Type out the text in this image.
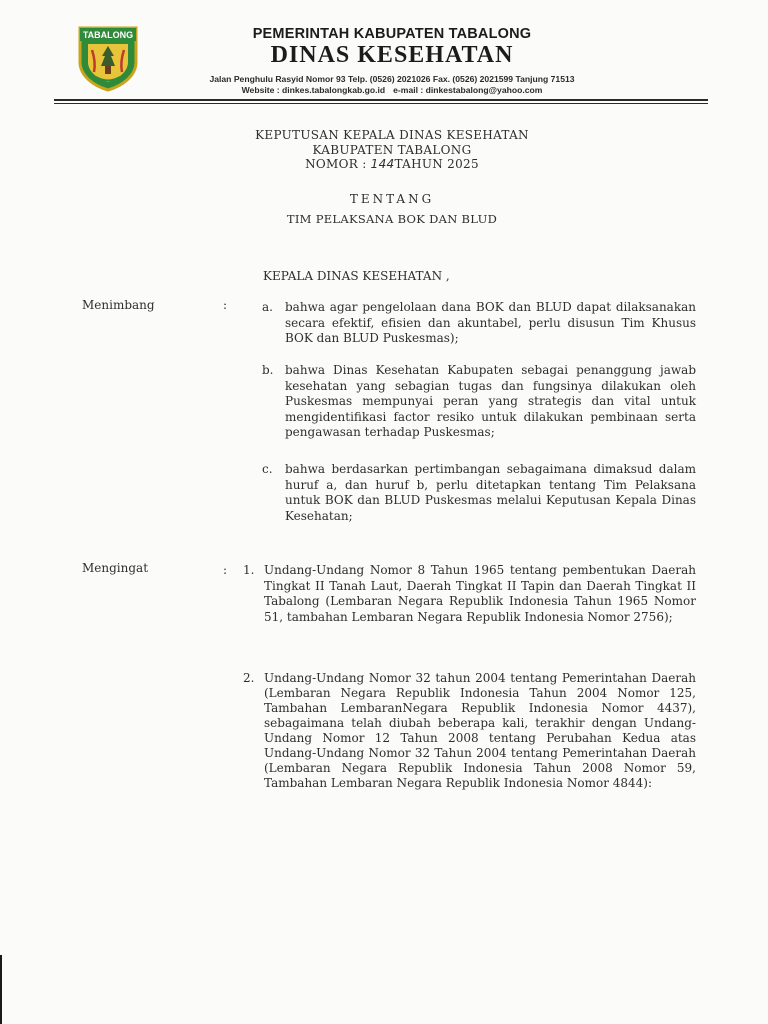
TABALONG	PEMERINTAH KABUPATEN TABALONG
DINAS KESEHATAN
Jalan Penghulu Rasyid Nomor 93 Telp. (0526) 2021026 Fax. (0526) 2021599 Tanjung 71513
Website : dinkes.tabalongkab.go.id e-mail : dinkestabalong@yahoo.com
KEPUTUSAN KEPALA DINAS KESEHATAN
KABUPATEN TABALONG
NOMOR : 144TAHUN 2025
TENTANG
TIM PELAKSANA BOK DAN BLUD
KEPALA DINAS KESEHATAN ,
Menimbang	:	a. bahwa agar pengelolaan dana BOK dan BLUD dapat dilaksanakan secara efektif, efisien dan akuntabel, perlu disusun Tim Khusus BOK dan BLUD Puskesmas);
b. bahwa Dinas Kesehatan Kabupaten sebagai penanggung jawab kesehatan yang sebagian tugas dan fungsinya dilakukan oleh Puskesmas mempunyai peran yang strategis dan vital untuk mengidentifikasi factor resiko untuk dilakukan pembinaan serta pengawasan terhadap Puskesmas;
c. bahwa berdasarkan pertimbangan sebagaimana dimaksud dalam huruf a, dan huruf b, perlu ditetapkan tentang Tim Pelaksana untuk BOK dan BLUD Puskesmas melalui Keputusan Kepala Dinas Kesehatan;
Mengingat	: 1. Undang-Undang Nomor 8 Tahun 1965 tentang pembentukan Daerah Tingkat II Tanah Laut, Daerah Tingkat II Tapin dan Daerah Tingkat II Tabalong (Lembaran Negara Republik Indonesia Tahun 1965 Nomor 51, tambahan Lembaran Negara Republik Indonesia Nomor 2756);
2. Undang-Undang Nomor 32 tahun 2004 tentang Pemerintahan Daerah (Lembaran Negara Republik Indonesia Tahun 2004 Nomor 125, Tambahan LembaranNegara Republik Indonesia Nomor 4437), sebagaimana telah diubah beberapa kali, terakhir dengan Undang-Undang Nomor 12 Tahun 2008 tentang Perubahan Kedua atas Undang-Undang Nomor 32 Tahun 2004 tentang Pemerintahan Daerah (Lembaran Negara Republik Indonesia Tahun 2008 Nomor 59, Tambahan Lembaran Negara Republik Indonesia Nomor 4844):
